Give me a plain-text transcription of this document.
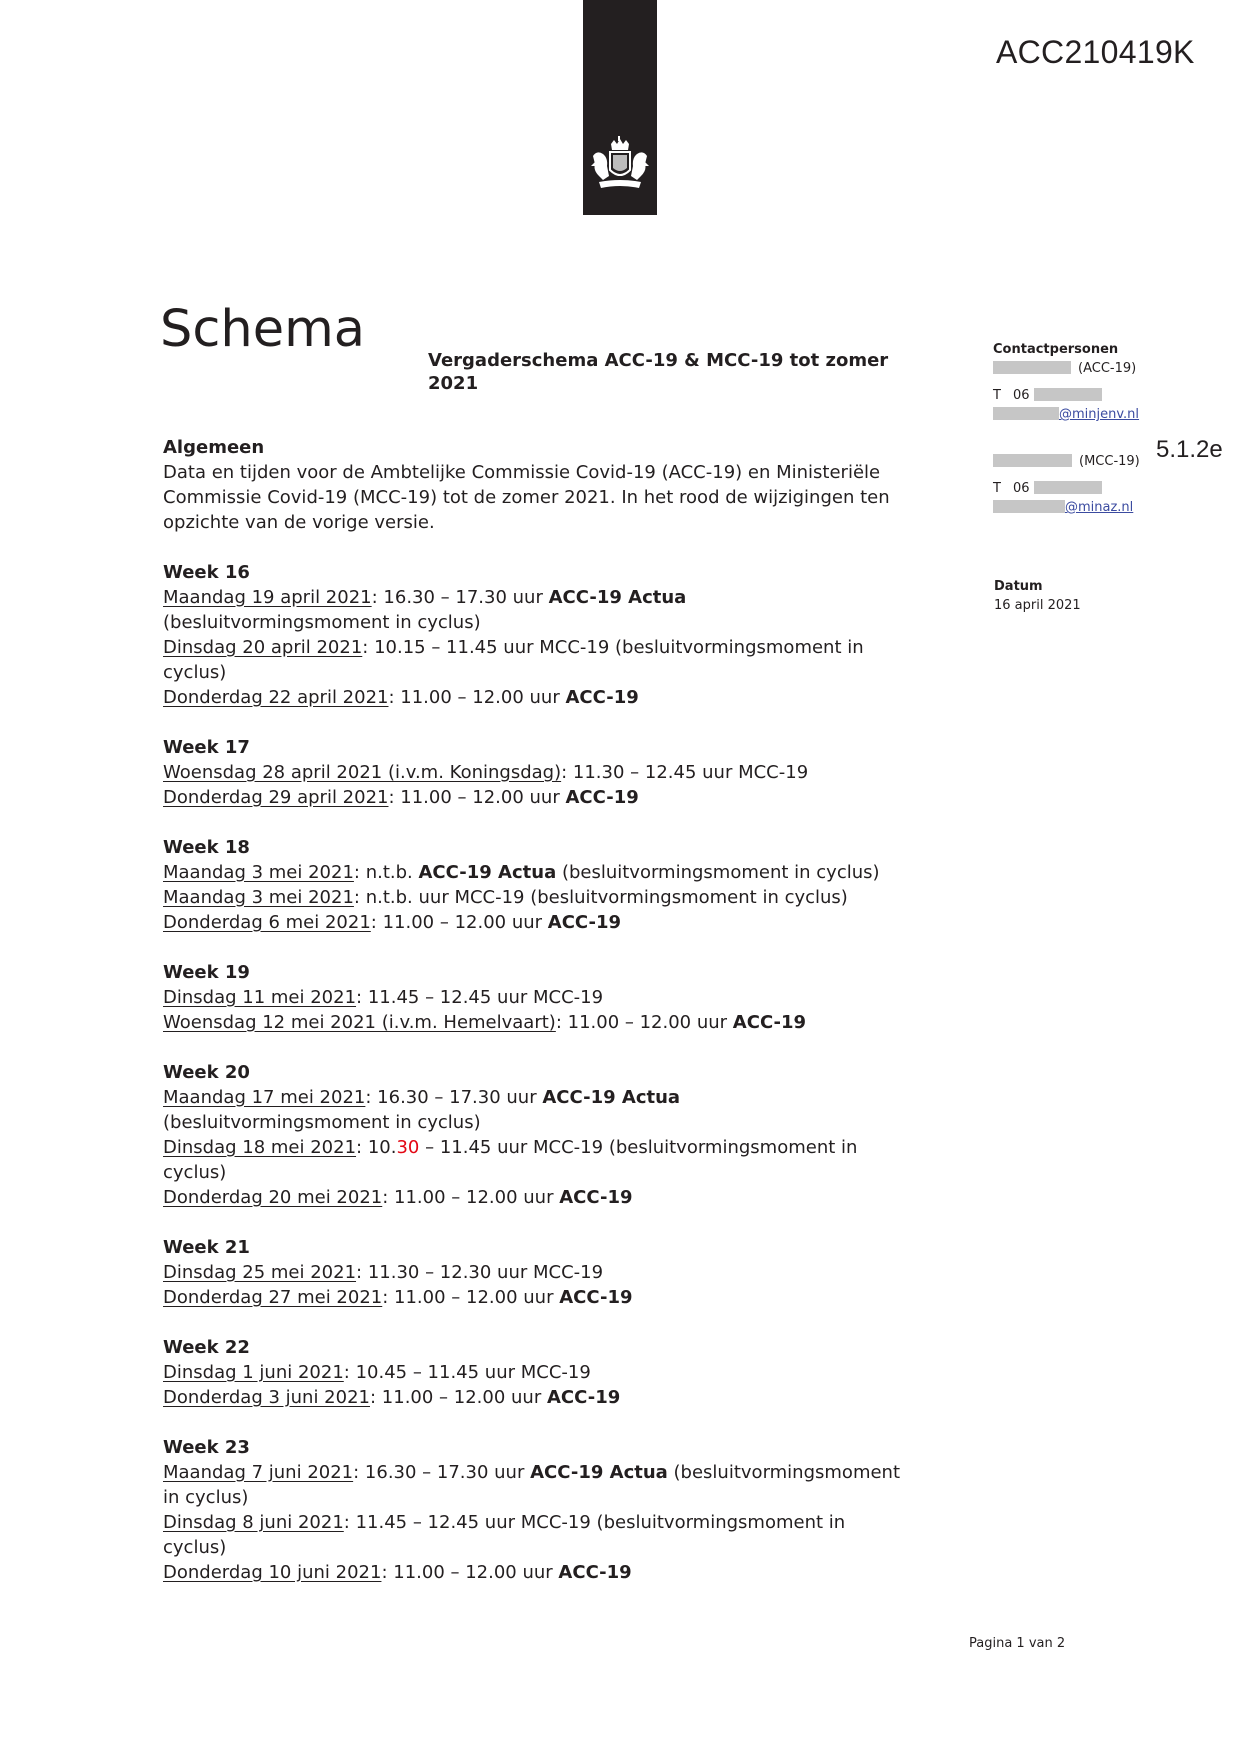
ACC210419K
5.1.2e
Schema
Vergaderschema ACC-19 & MCC-19 tot zomer
2021
Algemeen
Data en tijden voor de Ambtelijke Commissie Covid-19 (ACC-19) en Ministeriële
Commissie Covid-19 (MCC-19) tot de zomer 2021. In het rood de wijzigingen ten
opzichte van de vorige versie.
Week 16
Maandag 19 april 2021: 16.30 – 17.30 uur ACC-19 Actua
(besluitvormingsmoment in cyclus)
Dinsdag 20 april 2021: 10.15 – 11.45 uur MCC-19 (besluitvormingsmoment in
cyclus)
Donderdag 22 april 2021: 11.00 – 12.00 uur ACC-19
Week 17
Woensdag 28 april 2021 (i.v.m. Koningsdag): 11.30 – 12.45 uur MCC-19
Donderdag 29 april 2021: 11.00 – 12.00 uur ACC-19
Week 18
Maandag 3 mei 2021: n.t.b. ACC-19 Actua (besluitvormingsmoment in cyclus)
Maandag 3 mei 2021: n.t.b. uur MCC-19 (besluitvormingsmoment in cyclus)
Donderdag 6 mei 2021: 11.00 – 12.00 uur ACC-19
Week 19
Dinsdag 11 mei 2021: 11.45 – 12.45 uur MCC-19
Woensdag 12 mei 2021 (i.v.m. Hemelvaart): 11.00 – 12.00 uur ACC-19
Week 20
Maandag 17 mei 2021: 16.30 – 17.30 uur ACC-19 Actua
(besluitvormingsmoment in cyclus)
Dinsdag 18 mei 2021: 10.30 – 11.45 uur MCC-19 (besluitvormingsmoment in
cyclus)
Donderdag 20 mei 2021: 11.00 – 12.00 uur ACC-19
Week 21
Dinsdag 25 mei 2021: 11.30 – 12.30 uur MCC-19
Donderdag 27 mei 2021: 11.00 – 12.00 uur ACC-19
Week 22
Dinsdag 1 juni 2021: 10.45 – 11.45 uur MCC-19
Donderdag 3 juni 2021: 11.00 – 12.00 uur ACC-19
Week 23
Maandag 7 juni 2021: 16.30 – 17.30 uur ACC-19 Actua (besluitvormingsmoment
in cyclus)
Dinsdag 8 juni 2021: 11.45 – 12.45 uur MCC-19 (besluitvormingsmoment in
cyclus)
Donderdag 10 juni 2021: 11.00 – 12.00 uur ACC-19
Contactpersonen
(ACC-19)
T 06
@minjenv.nl
(MCC-19)
T 06
@minaz.nl
Datum
16 april 2021
Pagina 1 van 2
